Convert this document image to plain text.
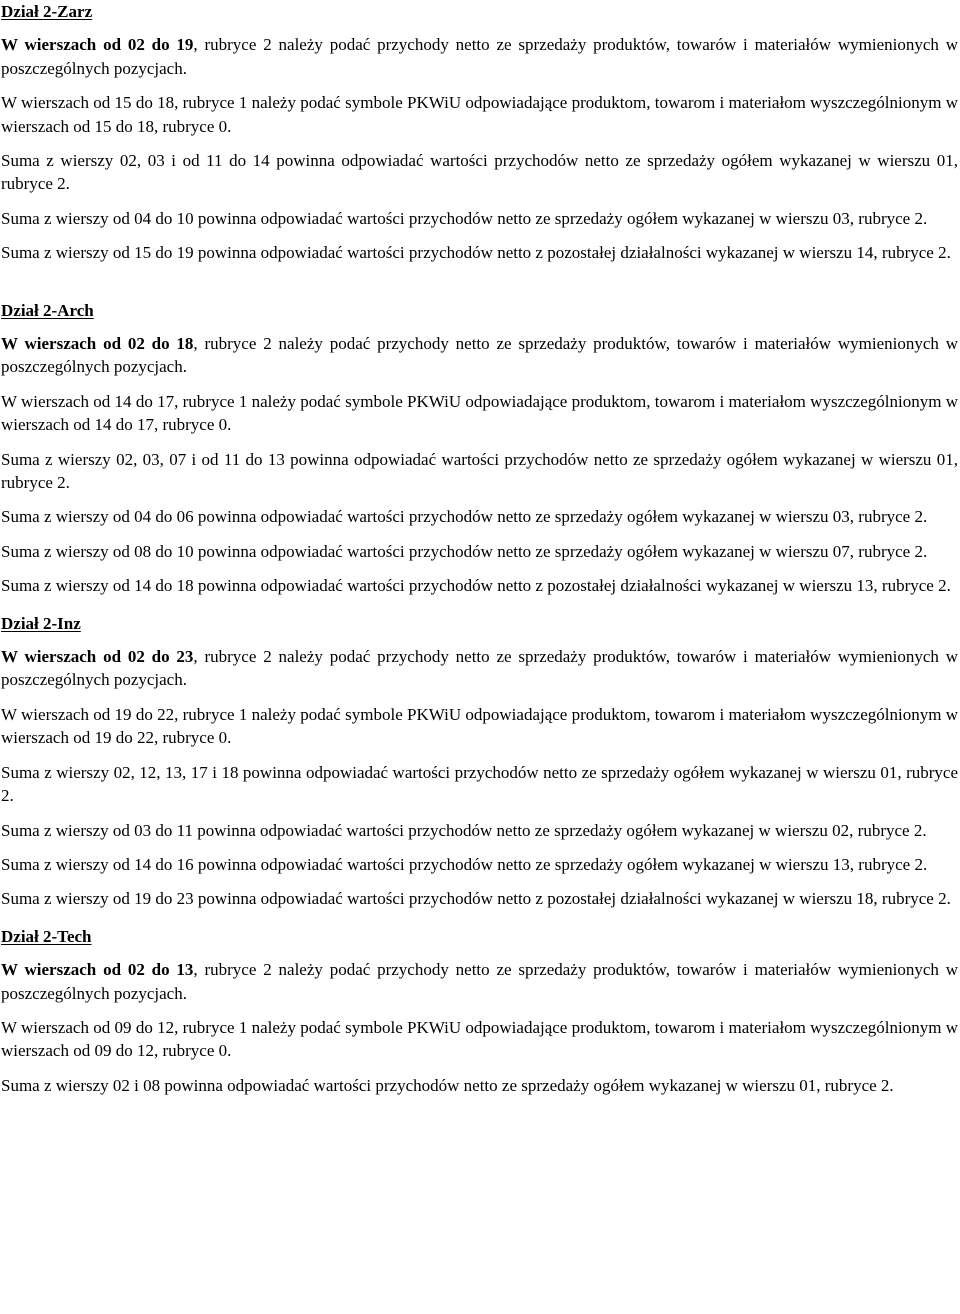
Dział 2-Zarz

W wierszach od 02 do 19, rubryce 2 należy podać przychody netto ze sprzedaży produktów, towarów i materiałów wymienionych w poszczególnych pozycjach.

W wierszach od 15 do 18, rubryce 1 należy podać symbole PKWiU odpowiadające produktom, towarom i materiałom wyszczególnionym w wierszach od 15 do 18, rubryce 0.

Suma z wierszy 02, 03 i od 11 do 14 powinna odpowiadać wartości przychodów netto ze sprzedaży ogółem wykazanej w wierszu 01, rubryce 2.

Suma z wierszy od 04 do 10 powinna odpowiadać wartości przychodów netto ze sprzedaży ogółem wykazanej w wierszu 03, rubryce 2.

Suma z wierszy od 15 do 19 powinna odpowiadać wartości przychodów netto z pozostałej działalności wykazanej w wierszu 14, rubryce 2.

Dział 2-Arch

W wierszach od 02 do 18, rubryce 2 należy podać przychody netto ze sprzedaży produktów, towarów i materiałów wymienionych w poszczególnych pozycjach.

W wierszach od 14 do 17, rubryce 1 należy podać symbole PKWiU odpowiadające produktom, towarom i materiałom wyszczególnionym w wierszach od 14 do 17, rubryce 0.

Suma z wierszy 02, 03, 07 i od 11 do 13 powinna odpowiadać wartości przychodów netto ze sprzedaży ogółem wykazanej w wierszu 01, rubryce 2.

Suma z wierszy od 04 do 06 powinna odpowiadać wartości przychodów netto ze sprzedaży ogółem wykazanej w wierszu 03, rubryce 2.

Suma z wierszy od 08 do 10 powinna odpowiadać wartości przychodów netto ze sprzedaży ogółem wykazanej w wierszu 07, rubryce 2.

Suma z wierszy od 14 do 18 powinna odpowiadać wartości przychodów netto z pozostałej działalności wykazanej w wierszu 13, rubryce 2.

Dział 2-Inz

W wierszach od 02 do 23, rubryce 2 należy podać przychody netto ze sprzedaży produktów, towarów i materiałów wymienionych w poszczególnych pozycjach.

W wierszach od 19 do 22, rubryce 1 należy podać symbole PKWiU odpowiadające produktom, towarom i materiałom wyszczególnionym w wierszach od 19 do 22, rubryce 0.

Suma z wierszy 02, 12, 13, 17 i 18 powinna odpowiadać wartości przychodów netto ze sprzedaży ogółem wykazanej w wierszu 01, rubryce 2.

Suma z wierszy od 03 do 11 powinna odpowiadać wartości przychodów netto ze sprzedaży ogółem wykazanej w wierszu 02, rubryce 2.

Suma z wierszy od 14 do 16 powinna odpowiadać wartości przychodów netto ze sprzedaży ogółem wykazanej w wierszu 13, rubryce 2.

Suma z wierszy od 19 do 23 powinna odpowiadać wartości przychodów netto z pozostałej działalności wykazanej w wierszu 18, rubryce 2.

Dział 2-Tech

W wierszach od 02 do 13, rubryce 2 należy podać przychody netto ze sprzedaży produktów, towarów i materiałów wymienionych w poszczególnych pozycjach.

W wierszach od 09 do 12, rubryce 1 należy podać symbole PKWiU odpowiadające produktom, towarom i materiałom wyszczególnionym w wierszach od 09 do 12, rubryce 0.

Suma z wierszy 02 i 08 powinna odpowiadać wartości przychodów netto ze sprzedaży ogółem wykazanej w wierszu 01, rubryce 2.
